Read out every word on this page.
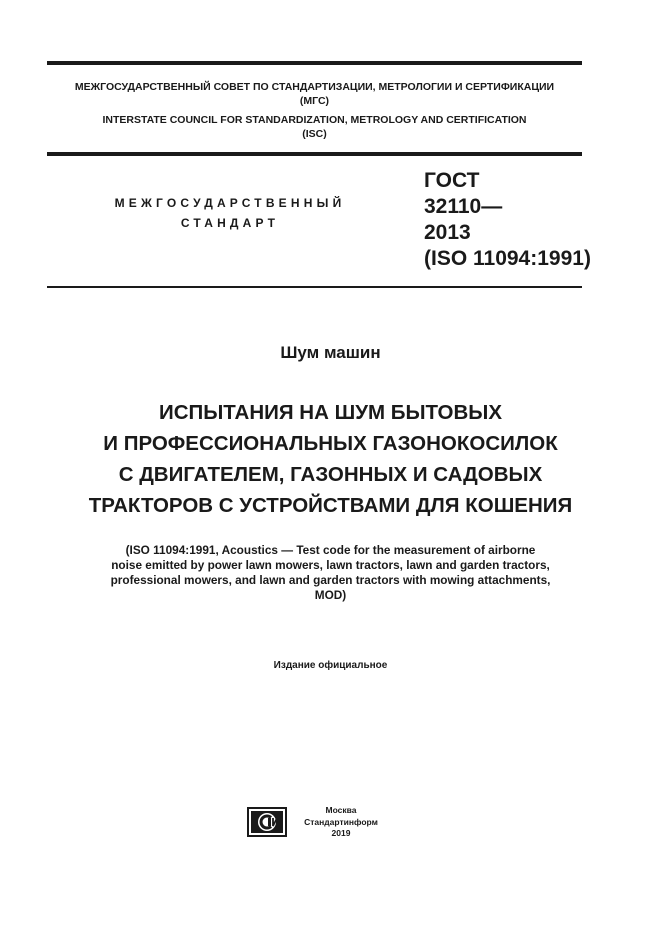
МЕЖГОСУДАРСТВЕННЫЙ СОВЕТ ПО СТАНДАРТИЗАЦИИ, МЕТРОЛОГИИ И СЕРТИФИКАЦИИ
(МГС)
INTERSTATE COUNCIL FOR STANDARDIZATION, METROLOGY AND CERTIFICATION
(ISC)
МЕЖГОСУДАРСТВЕННЫЙ
СТАНДАРТ
ГОСТ
32110—
2013
(ISO 11094:1991)
Шум машин
ИСПЫТАНИЯ НА ШУМ БЫТОВЫХ
И ПРОФЕССИОНАЛЬНЫХ ГАЗОНОКОСИЛОК
С ДВИГАТЕЛЕМ, ГАЗОННЫХ И САДОВЫХ
ТРАКТОРОВ С УСТРОЙСТВАМИ ДЛЯ КОШЕНИЯ
(ISO 11094:1991, Acoustics — Test code for the measurement of airborne
noise emitted by power lawn mowers, lawn tractors, lawn and garden tractors,
professional mowers, and lawn and garden tractors with mowing attachments,
MOD)
Издание официальное
Москва
Стандартинформ
2019
